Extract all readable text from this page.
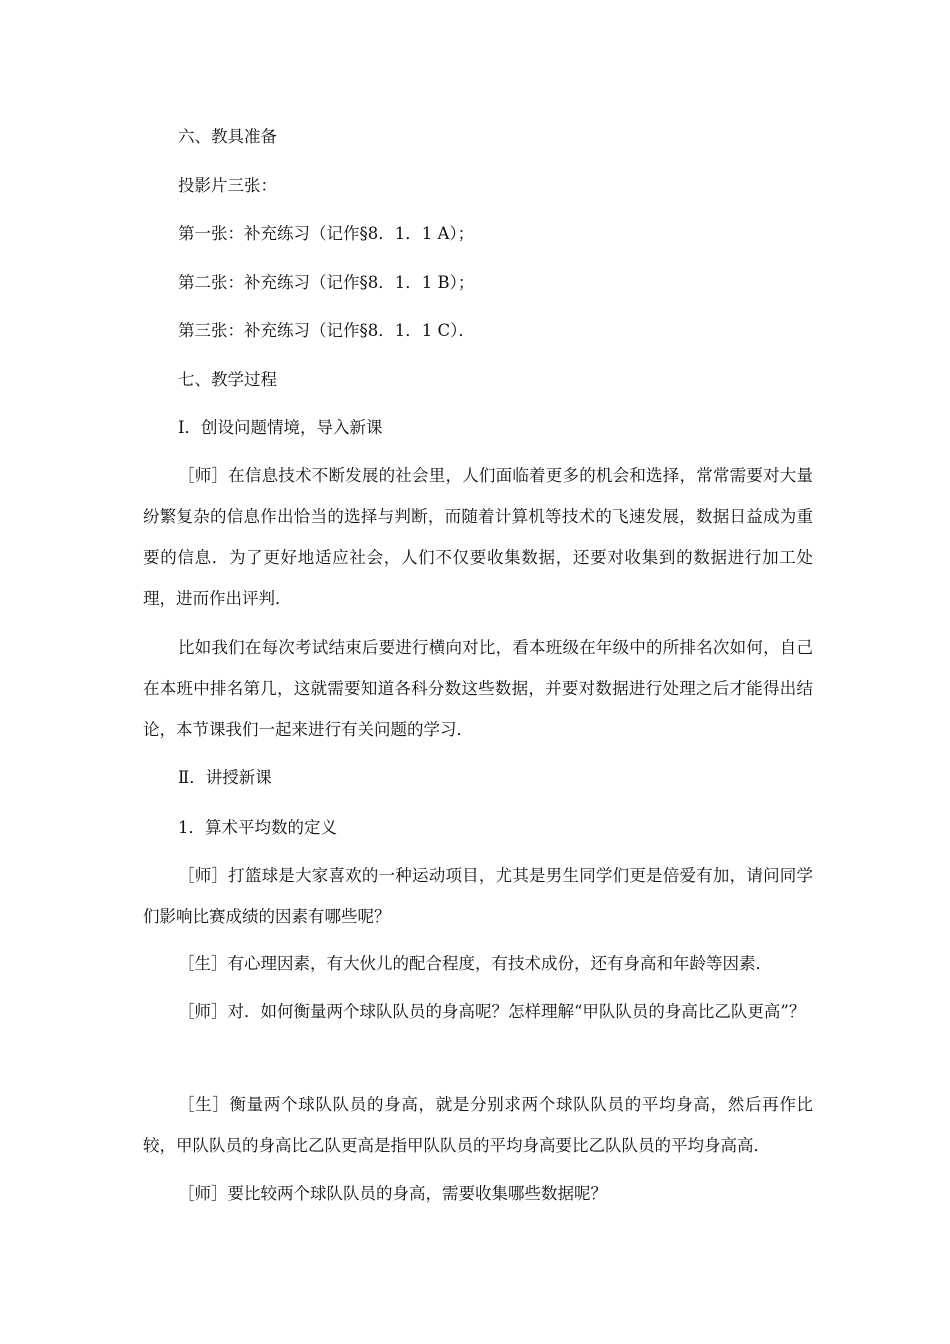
六、教具准备

投影片三张：

第一张：补充练习（记作§8．1．1 A）；

第二张：补充练习（记作§8．1．1 B）；

第三张：补充练习（记作§8．1．1 C）．

七、教学过程

Ⅰ．创设问题情境，导入新课

［师］在信息技术不断发展的社会里，人们面临着更多的机会和选择，常常需要对大量纷繁复杂的信息作出恰当的选择与判断，而随着计算机等技术的飞速发展，数据日益成为重要的信息．为了更好地适应社会，人们不仅要收集数据，还要对收集到的数据进行加工处理，进而作出评判．

比如我们在每次考试结束后要进行横向对比，看本班级在年级中的所排名次如何，自己在本班中排名第几，这就需要知道各科分数这些数据，并要对数据进行处理之后才能得出结论，本节课我们一起来进行有关问题的学习．

Ⅱ．讲授新课

1．算术平均数的定义

［师］打篮球是大家喜欢的一种运动项目，尤其是男生同学们更是倍爱有加，请问同学们影响比赛成绩的因素有哪些呢？

［生］有心理因素，有大伙儿的配合程度，有技术成份，还有身高和年龄等因素．

［师］对．如何衡量两个球队队员的身高呢？怎样理解“甲队队员的身高比乙队更高”？

［生］衡量两个球队队员的身高，就是分别求两个球队队员的平均身高，然后再作比较，甲队队员的身高比乙队更高是指甲队队员的平均身高要比乙队队员的平均身高高．

［师］要比较两个球队队员的身高，需要收集哪些数据呢？
